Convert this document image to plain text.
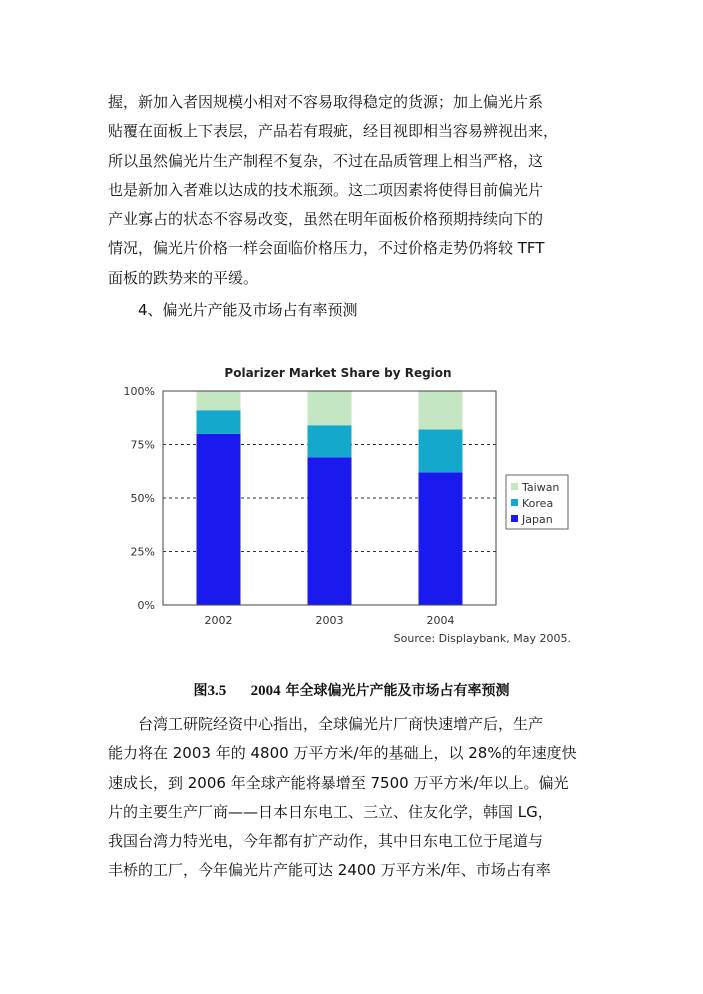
握，新加入者因规模小相对不容易取得稳定的货源；加上偏光片系
贴覆在面板上下表层，产品若有瑕疵，经目视即相当容易辨视出来，
所以虽然偏光片生产制程不复杂，不过在品质管理上相当严格，这
也是新加入者难以达成的技术瓶颈。这二项因素将使得目前偏光片
产业寡占的状态不容易改变，虽然在明年面板价格预期持续向下的
情况，偏光片价格一样会面临价格压力，不过价格走势仍将较 TFT
面板的跌势来的平缓。
4、偏光片产能及市场占有率预测
Polarizer Market Share by Region
0%
25%
50%
75%
100%
2002	2003	2004
Taiwan
Korea
Japan
Source: Displaybank, May 2005.
图3.5 2004 年全球偏光片产能及市场占有率预测
台湾工研院经资中心指出，全球偏光片厂商快速增产后，生产
能力将在 2003 年的 4800 万平方米/年的基础上，以 28%的年速度快
速成长，到 2006 年全球产能将暴增至 7500 万平方米/年以上。偏光
片的主要生产厂商——日本日东电工、三立、住友化学，韩国 LG，
我国台湾力特光电，今年都有扩产动作，其中日东电工位于尾道与
丰桥的工厂，今年偏光片产能可达 2400 万平方米/年、市场占有率
